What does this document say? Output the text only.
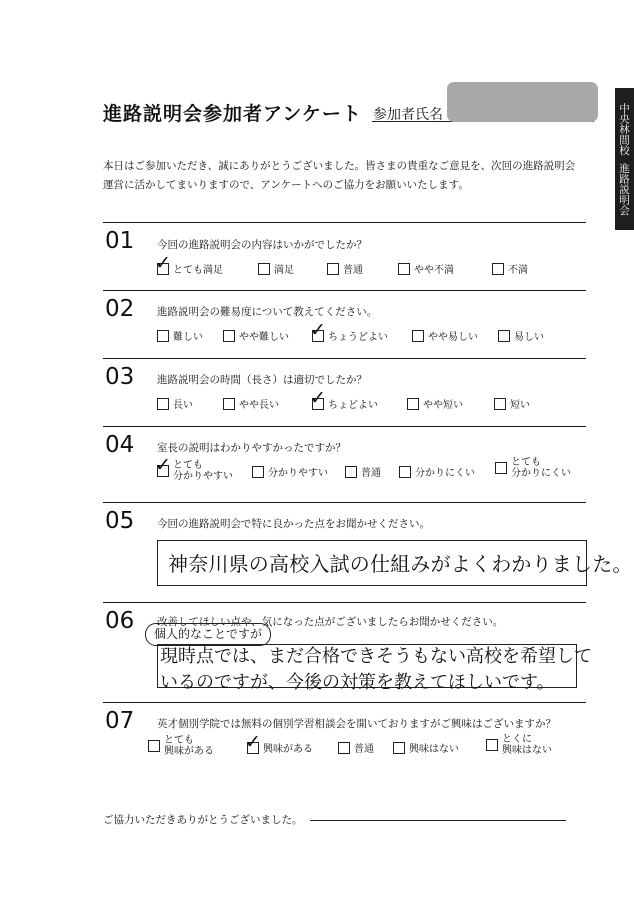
進路説明会参加者アンケート 参加者氏名	中央林間校
進路説明会
本日はご参加いただき、誠にありがとうございました。皆さまの貴重なご意見を、次回の進路説明会運営に活かしてまいりますので、アンケートへのご協力をお願いいたします。
01 今回の進路説明会の内容はいかがでしたか？
✓ とても満足	満足	普通	やや不満	不満
02 進路説明会の難易度について教えてください。
難しい	やや難しい ✓ ちょうどよい	やや易しい	易しい
03 進路説明会の時間（長さ）は適切でしたか？
長い	やや長い ✓ ちょどよい	やや短い	短い
04 室長の説明はわかりやすかったですか？
✓ とても
分かりやすい	分かりやすい	普通	分かりにくい
とても
分かりにくい
05 今回の進路説明会で特に良かった点をお聞かせください。
神奈川県の高校入試の仕組みがよくわかりました。
06 改善してほしい点や、気になった点がございましたらお聞かせください。
個人的なことですが
現時点では、まだ合格できそうもない高校を希望して
いるのですが、今後の対策を教えてほしいです。
07 英才個別学院では無料の個別学習相談会を開いておりますがご興味はございますか？
とても
興味がある ✓ 興味がある	普通	興味はない
とくに
興味はない
ご協力いただきありがとうございました。
